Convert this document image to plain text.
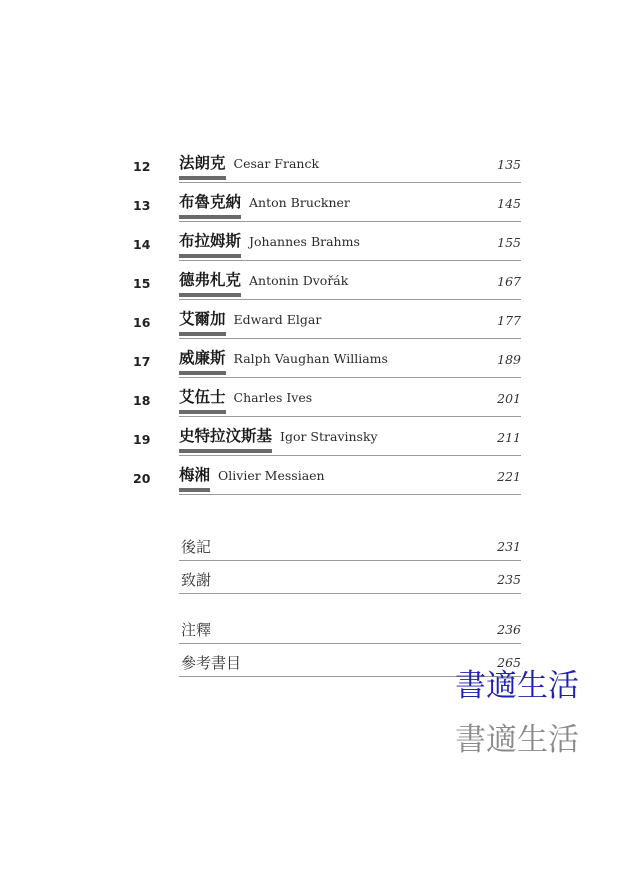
12 法朗克 Cesar Franck	135
13 布魯克納 Anton Bruckner	145
14 布拉姆斯 Johannes Brahms	155
15 德弗札克 Antonin Dvořák	167
16 艾爾加 Edward Elgar	177
17 威廉斯 Ralph Vaughan Williams	189
18 艾伍士 Charles Ives	201
19 史特拉汶斯基 Igor Stravinsky	211
20 梅湘 Olivier Messiaen	221
後記	231
致謝	235
注釋	236
參考書目	265
書適生活
書適生活
